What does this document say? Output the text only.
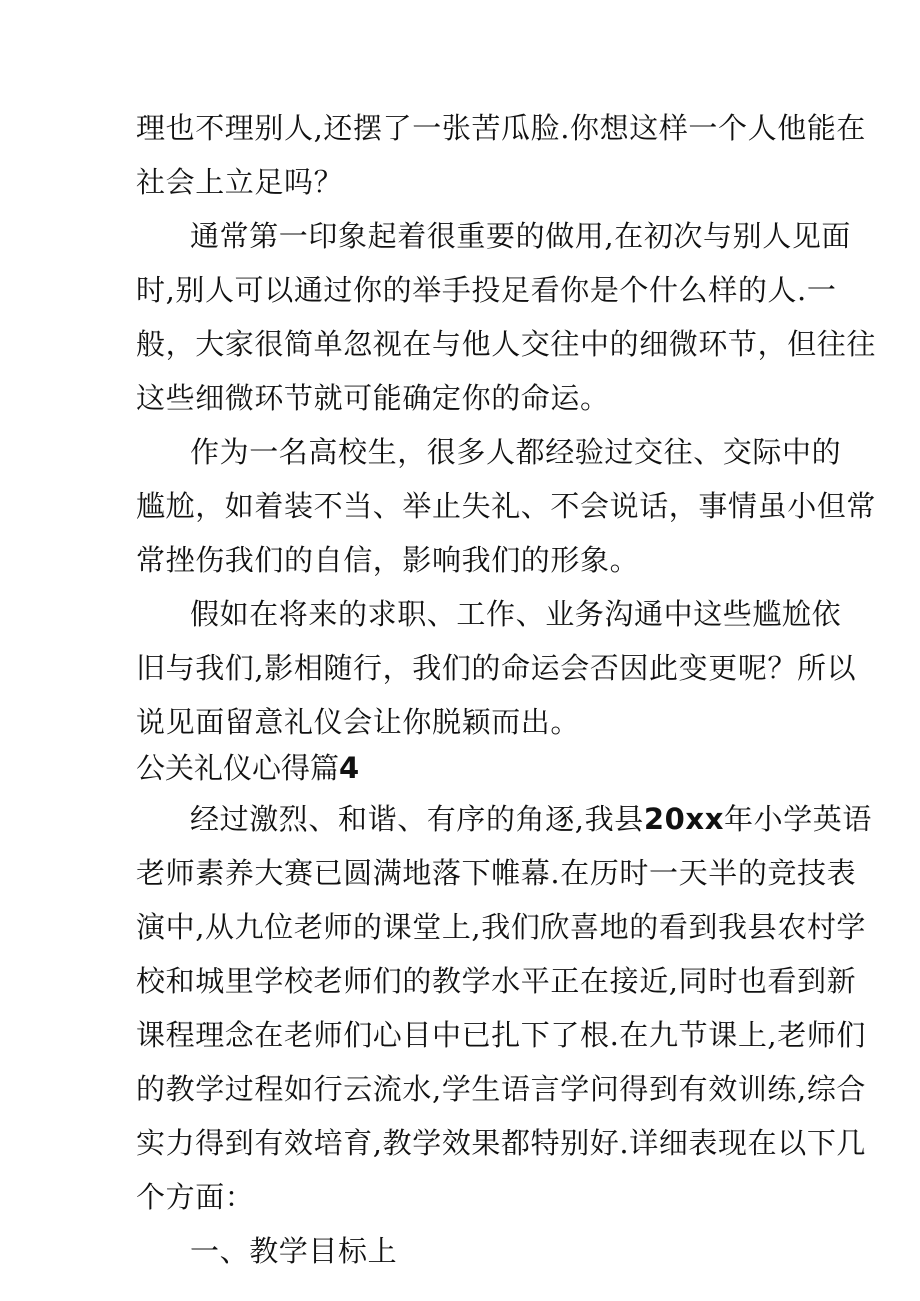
理也不理别人,还摆了一张苦瓜脸.你想这样一个人他能在
社会上立足吗？
通常第一印象起着很重要的做用,在初次与别人见面
时,别人可以通过你的举手投足看你是个什么样的人.一
般，大家很简单忽视在与他人交往中的细微环节，但往往
这些细微环节就可能确定你的命运。
作为一名高校生，很多人都经验过交往、交际中的
尴尬，如着装不当、举止失礼、不会说话，事情虽小但常
常挫伤我们的自信，影响我们的形象。
假如在将来的求职、工作、业务沟通中这些尴尬依
旧与我们,影相随行，我们的命运会否因此变更呢？所以
说见面留意礼仪会让你脱颖而出。
公关礼仪心得篇4
经过激烈、和谐、有序的角逐,我县20xx年小学英语
老师素养大赛已圆满地落下帷幕.在历时一天半的竞技表
演中,从九位老师的课堂上,我们欣喜地的看到我县农村学
校和城里学校老师们的教学水平正在接近,同时也看到新
课程理念在老师们心目中已扎下了根.在九节课上,老师们
的教学过程如行云流水,学生语言学问得到有效训练,综合
实力得到有效培育,教学效果都特别好.详细表现在以下几
个方面：
一、教学目标上
